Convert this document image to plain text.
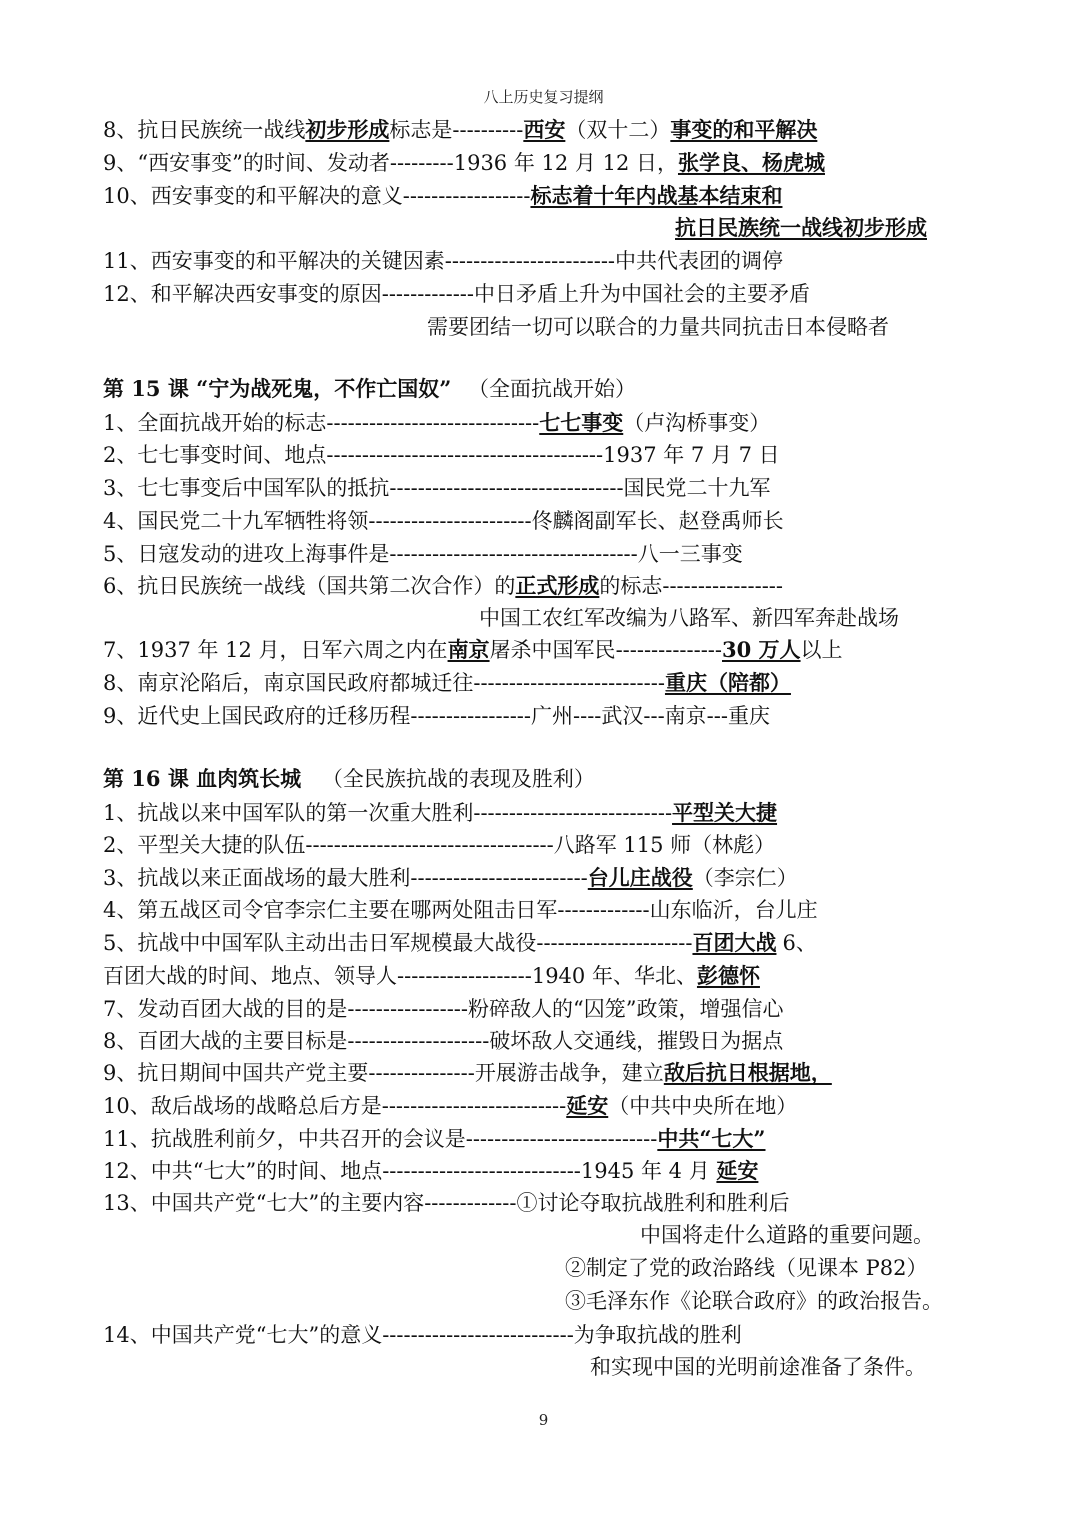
八上历史复习提纲
8、抗日民族统一战线初步形成标志是----------西安（双十二）事变的和平解决
9、“西安事变”的时间、发动者---------1936 年 12 月 12 日，张学良、杨虎城
10、西安事变的和平解决的意义------------------标志着十年内战基本结束和
抗日民族统一战线初步形成
11、西安事变的和平解决的关键因素------------------------中共代表团的调停
12、和平解决西安事变的原因-------------中日矛盾上升为中国社会的主要矛盾
需要团结一切可以联合的力量共同抗击日本侵略者
第 15 课 “宁为战死鬼，不作亡国奴” （全面抗战开始）
1、全面抗战开始的标志------------------------------七七事变（卢沟桥事变）
2、七七事变时间、地点---------------------------------------1937 年 7 月 7 日
3、七七事变后中国军队的抵抗---------------------------------国民党二十九军
4、国民党二十九军牺牲将领-----------------------佟麟阁副军长、赵登禹师长
5、日寇发动的进攻上海事件是-----------------------------------八一三事变
6、抗日民族统一战线（国共第二次合作）的正式形成的标志-----------------
中国工农红军改编为八路军、新四军奔赴战场
7、1937 年 12 月，日军六周之内在南京屠杀中国军民---------------30 万人以上
8、南京沦陷后，南京国民政府都城迁往---------------------------重庆（陪都）
9、近代史上国民政府的迁移历程-----------------广州----武汉---南京---重庆
第 16 课 血肉筑长城 （全民族抗战的表现及胜利）
1、抗战以来中国军队的第一次重大胜利----------------------------平型关大捷
2、平型关大捷的队伍-----------------------------------八路军 115 师（林彪）
3、抗战以来正面战场的最大胜利-------------------------台儿庄战役（李宗仁）
4、第五战区司令官李宗仁主要在哪两处阻击日军-------------山东临沂，台儿庄
5、抗战中中国军队主动出击日军规模最大战役----------------------百团大战 6、
百团大战的时间、地点、领导人-------------------1940 年、华北、彭德怀
7、发动百团大战的目的是-----------------粉碎敌人的“囚笼”政策，增强信心
8、百团大战的主要目标是--------------------破坏敌人交通线，摧毁日为据点
9、抗日期间中国共产党主要---------------开展游击战争，建立敌后抗日根据地，
10、敌后战场的战略总后方是--------------------------延安（中共中央所在地）
11、抗战胜利前夕，中共召开的会议是---------------------------中共“七大”
12、中共“七大”的时间、地点----------------------------1945 年 4 月 延安
13、中国共产党“七大”的主要内容-------------①讨论夺取抗战胜利和胜利后
中国将走什么道路的重要问题。
②制定了党的政治路线（见课本 P82）
③毛泽东作《论联合政府》的政治报告。
14、中国共产党“七大”的意义---------------------------为争取抗战的胜利
和实现中国的光明前途准备了条件。
9
